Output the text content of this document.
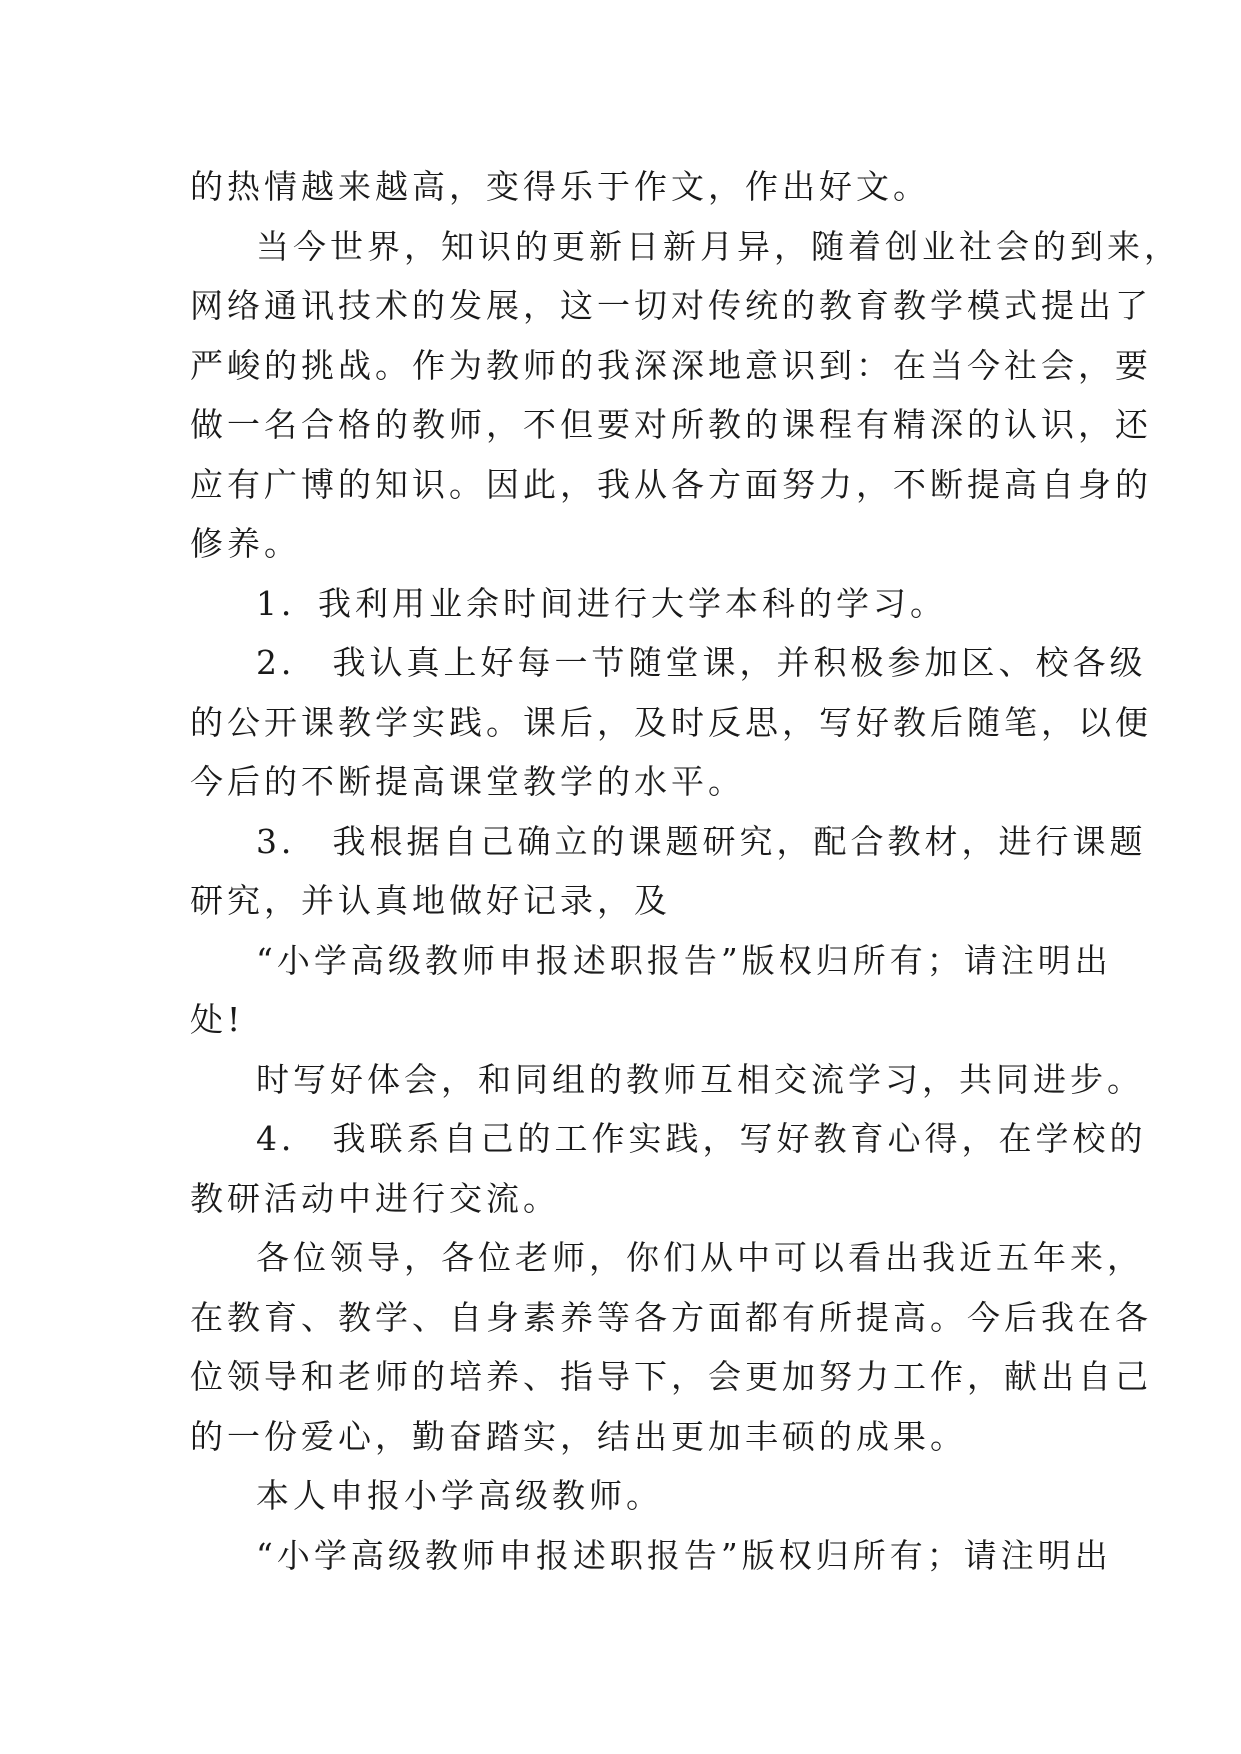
的热情越来越高，变得乐于作文，作出好文。
当今世界，知识的更新日新月异，随着创业社会的到来，
网络通讯技术的发展，这一切对传统的教育教学模式提出了
严峻的挑战。作为教师的我深深地意识到：在当今社会，要
做一名合格的教师，不但要对所教的课程有精深的认识，还
应有广博的知识。因此，我从各方面努力，不断提高自身的
修养。
1．我利用业余时间进行大学本科的学习。
2． 我认真上好每一节随堂课，并积极参加区、校各级
的公开课教学实践。课后，及时反思，写好教后随笔，以便
今后的不断提高课堂教学的水平。
3． 我根据自己确立的课题研究，配合教材，进行课题
研究，并认真地做好记录，及
“小学高级教师申报述职报告”版权归所有；请注明出
处!
时写好体会，和同组的教师互相交流学习，共同进步。
4． 我联系自己的工作实践，写好教育心得，在学校的
教研活动中进行交流。
各位领导，各位老师，你们从中可以看出我近五年来，
在教育、教学、自身素养等各方面都有所提高。今后我在各
位领导和老师的培养、指导下，会更加努力工作，献出自己
的一份爱心，勤奋踏实，结出更加丰硕的成果。
本人申报小学高级教师。
“小学高级教师申报述职报告”版权归所有；请注明出
